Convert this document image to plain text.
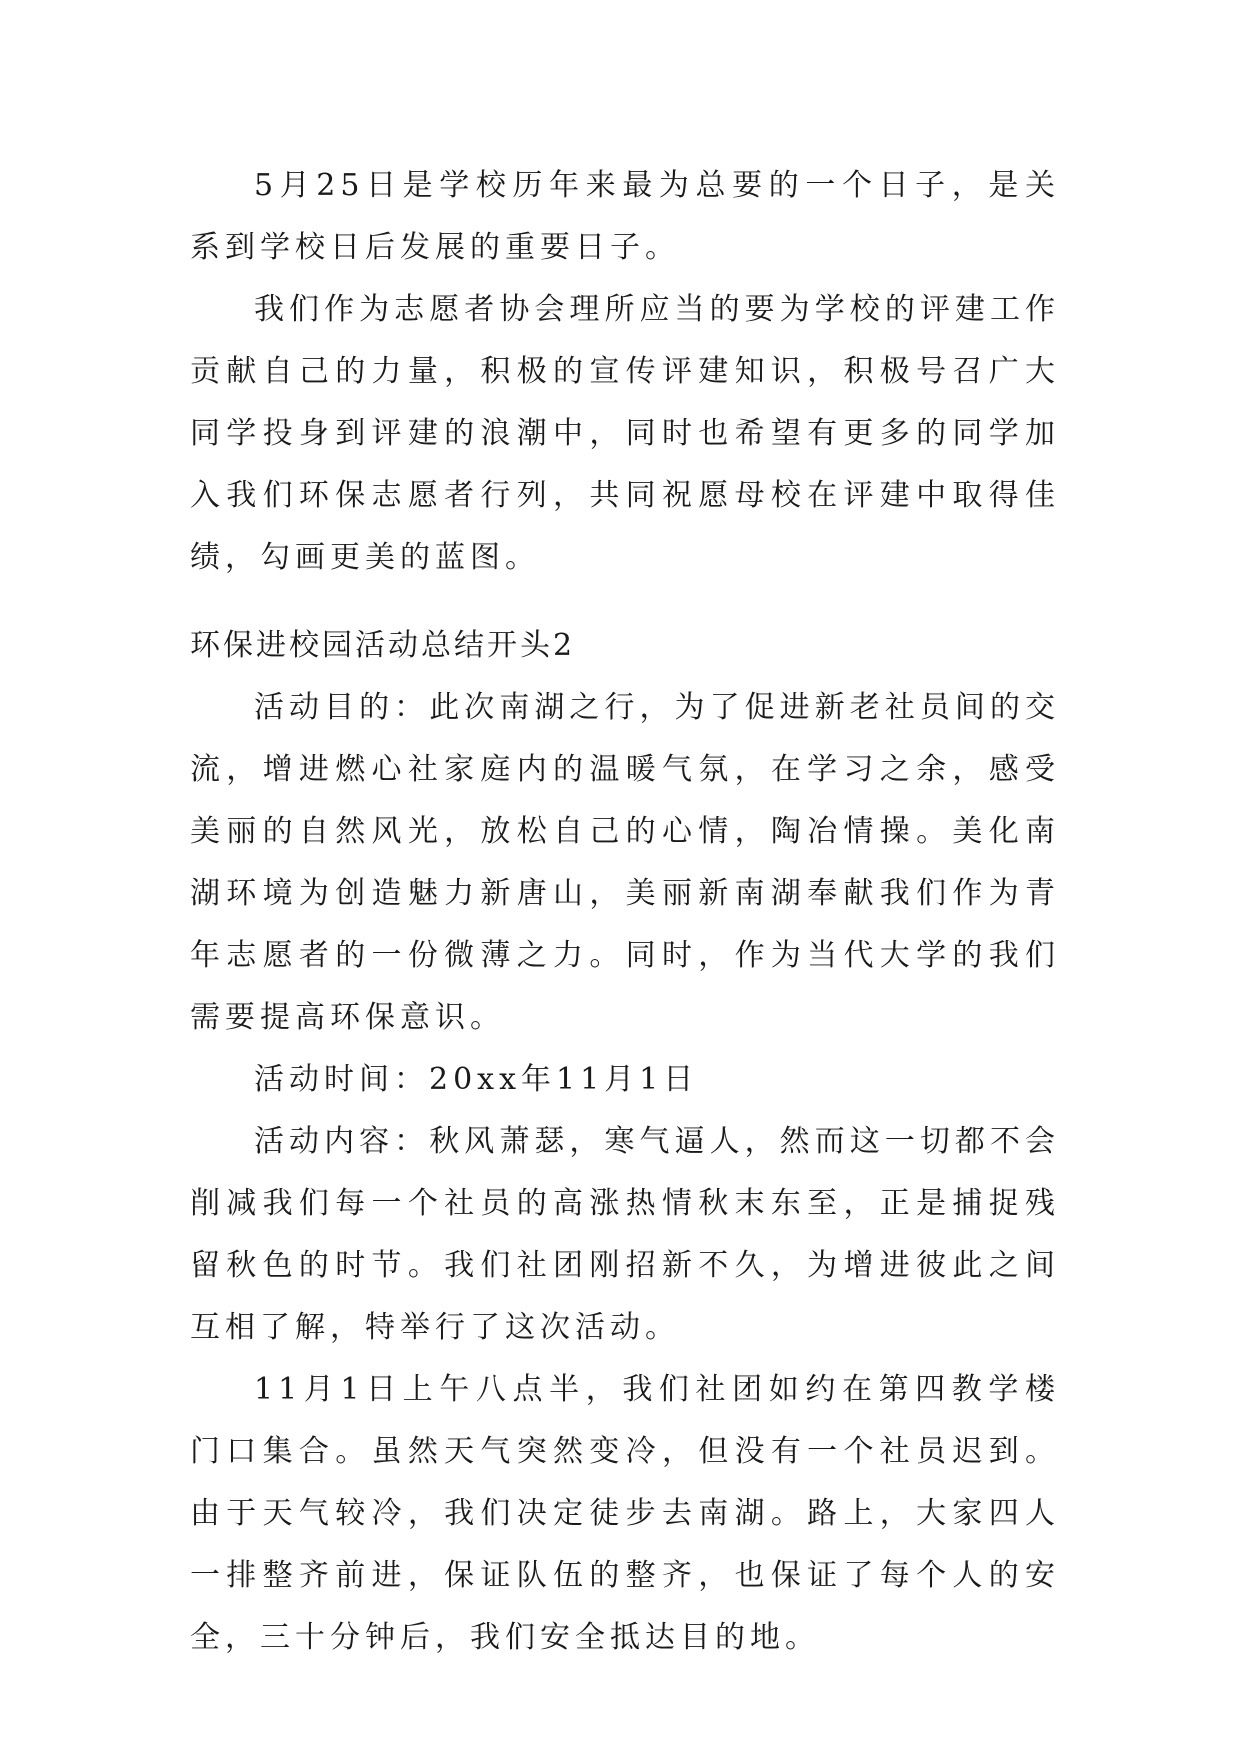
5月25日是学校历年来最为总要的一个日子，是关系到学校日后发展的重要日子。

我们作为志愿者协会理所应当的要为学校的评建工作贡献自己的力量，积极的宣传评建知识，积极号召广大同学投身到评建的浪潮中，同时也希望有更多的同学加入我们环保志愿者行列，共同祝愿母校在评建中取得佳绩，勾画更美的蓝图。

环保进校园活动总结开头2

活动目的：此次南湖之行，为了促进新老社员间的交流，增进燃心社家庭内的温暖气氛，在学习之余，感受美丽的自然风光，放松自己的心情，陶冶情操。美化南湖环境为创造魅力新唐山，美丽新南湖奉献我们作为青年志愿者的一份微薄之力。同时，作为当代大学的我们需要提高环保意识。

活动时间：20xx年11月1日

活动内容：秋风萧瑟，寒气逼人，然而这一切都不会削减我们每一个社员的高涨热情秋末东至，正是捕捉残留秋色的时节。我们社团刚招新不久，为增进彼此之间互相了解，特举行了这次活动。

11月1日上午八点半，我们社团如约在第四教学楼门口集合。虽然天气突然变冷，但没有一个社员迟到。由于天气较冷，我们决定徒步去南湖。路上，大家四人一排整齐前进，保证队伍的整齐，也保证了每个人的安全，三十分钟后，我们安全抵达目的地。
